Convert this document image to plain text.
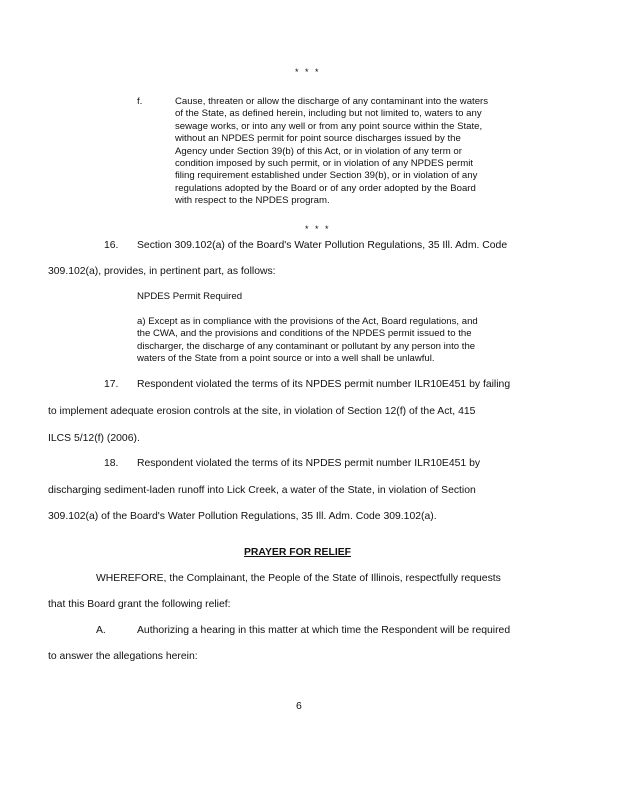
* * *
f.	Cause, threaten or allow the discharge of any contaminant into the waters
of the State, as defined herein, including but not limited to, waters to any
sewage works, or into any well or from any point source within the State,
without an NPDES permit for point source discharges issued by the
Agency under Section 39(b) of this Act, or in violation of any term or
condition imposed by such permit, or in violation of any NPDES permit
filing requirement established under Section 39(b), or in violation of any
regulations adopted by the Board or of any order adopted by the Board
with respect to the NPDES program.
* * *
16. Section 309.102(a) of the Board's Water Pollution Regulations, 35 Ill. Adm. Code
309.102(a), provides, in pertinent part, as follows:
NPDES Permit Required
a) Except as in compliance with the provisions of the Act, Board regulations, and
the CWA, and the provisions and conditions of the NPDES permit issued to the
discharger, the discharge of any contaminant or pollutant by any person into the
waters of the State from a point source or into a well shall be unlawful.
17. Respondent violated the terms of its NPDES permit number ILR10E451 by failing
to implement adequate erosion controls at the site, in violation of Section 12(f) of the Act, 415
ILCS 5/12(f) (2006).
18. Respondent violated the terms of its NPDES permit number ILR10E451 by
discharging sediment-laden runoff into Lick Creek, a water of the State, in violation of Section
309.102(a) of the Board's Water Pollution Regulations, 35 Ill. Adm. Code 309.102(a).
PRAYER FOR RELIEF
WHEREFORE, the Complainant, the People of the State of Illinois, respectfully requests
that this Board grant the following relief:
A.	Authorizing a hearing in this matter at which time the Respondent will be required
to answer the allegations herein:
6
